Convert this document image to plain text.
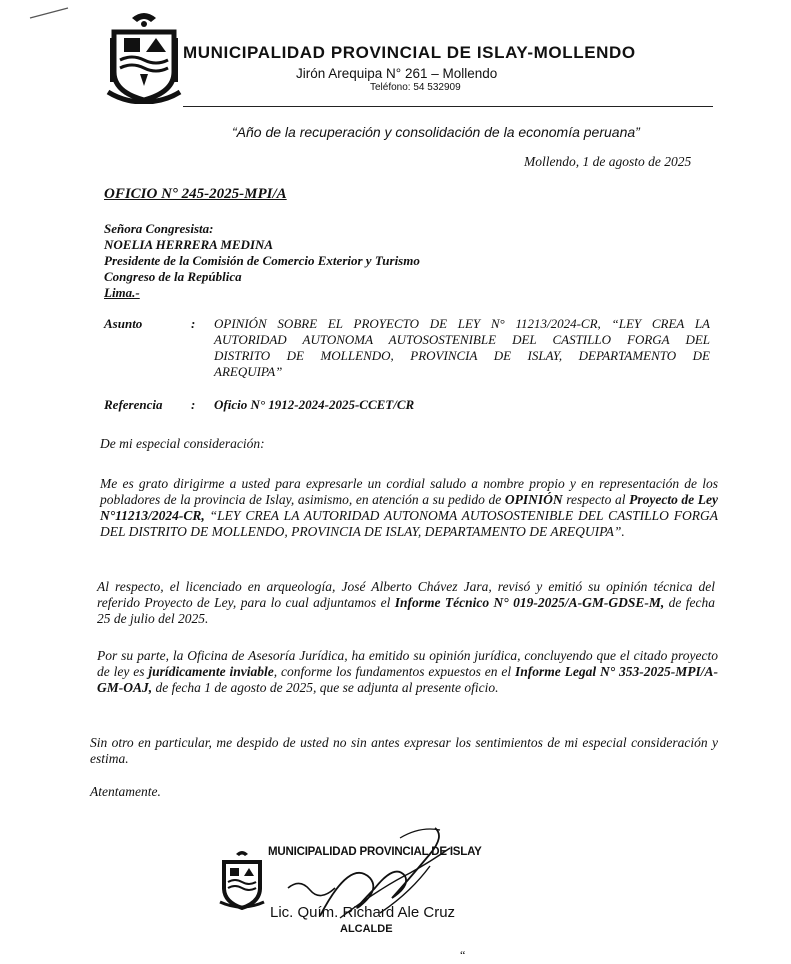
MUNICIPALIDAD PROVINCIAL DE ISLAY-MOLLENDO
Jirón Arequipa N° 261 – Mollendo
Teléfono: 54 532909
“Año de la recuperación y consolidación de la economía peruana”
Mollendo, 1 de agosto de 2025
OFICIO N° 245-2025-MPI/A
Señora Congresista:
NOELIA HERRERA MEDINA
Presidente de la Comisión de Comercio Exterior y Turismo
Congreso de la República
Lima.-
Asunto	: OPINIÓN SOBRE EL PROYECTO DE LEY N° 11213/2024-CR, “LEY CREA LA
AUTORIDAD AUTONOMA AUTOSOSTENIBLE DEL CASTILLO FORGA DEL
DISTRITO DE MOLLENDO, PROVINCIA DE ISLAY, DEPARTAMENTO DE
AREQUIPA”
Referencia : Oficio N° 1912-2024-2025-CCET/CR
De mi especial consideración:
Me es grato dirigirme a usted para expresarle un cordial saludo a nombre propio y en representación de los pobladores de la provincia de Islay, asimismo, en atención a su pedido de OPINIÓN respecto al Proyecto de Ley N°11213/2024-CR, “LEY CREA LA AUTORIDAD AUTONOMA AUTOSOSTENIBLE DEL CASTILLO FORGA DEL DISTRITO DE MOLLENDO, PROVINCIA DE ISLAY, DEPARTAMENTO DE AREQUIPA”.
Al respecto, el licenciado en arqueología, José Alberto Chávez Jara, revisó y emitió su opinión técnica del referido Proyecto de Ley, para lo cual adjuntamos el Informe Técnico N° 019-2025/A-GM-GDSE-M, de fecha 25 de julio del 2025.
Por su parte, la Oficina de Asesoría Jurídica, ha emitido su opinión jurídica, concluyendo que el citado proyecto de ley es jurídicamente inviable, conforme los fundamentos expuestos en el Informe Legal N° 353-2025-MPI/A-GM-OAJ, de fecha 1 de agosto de 2025, que se adjunta al presente oficio.
Sin otro en particular, me despido de usted no sin antes expresar los sentimientos de mi especial consideración y estima.
Atentamente.
MUNICIPALIDAD PROVINCIAL DE ISLAY
Lic. Quím. Richard Ale Cruz
ALCALDE
“
